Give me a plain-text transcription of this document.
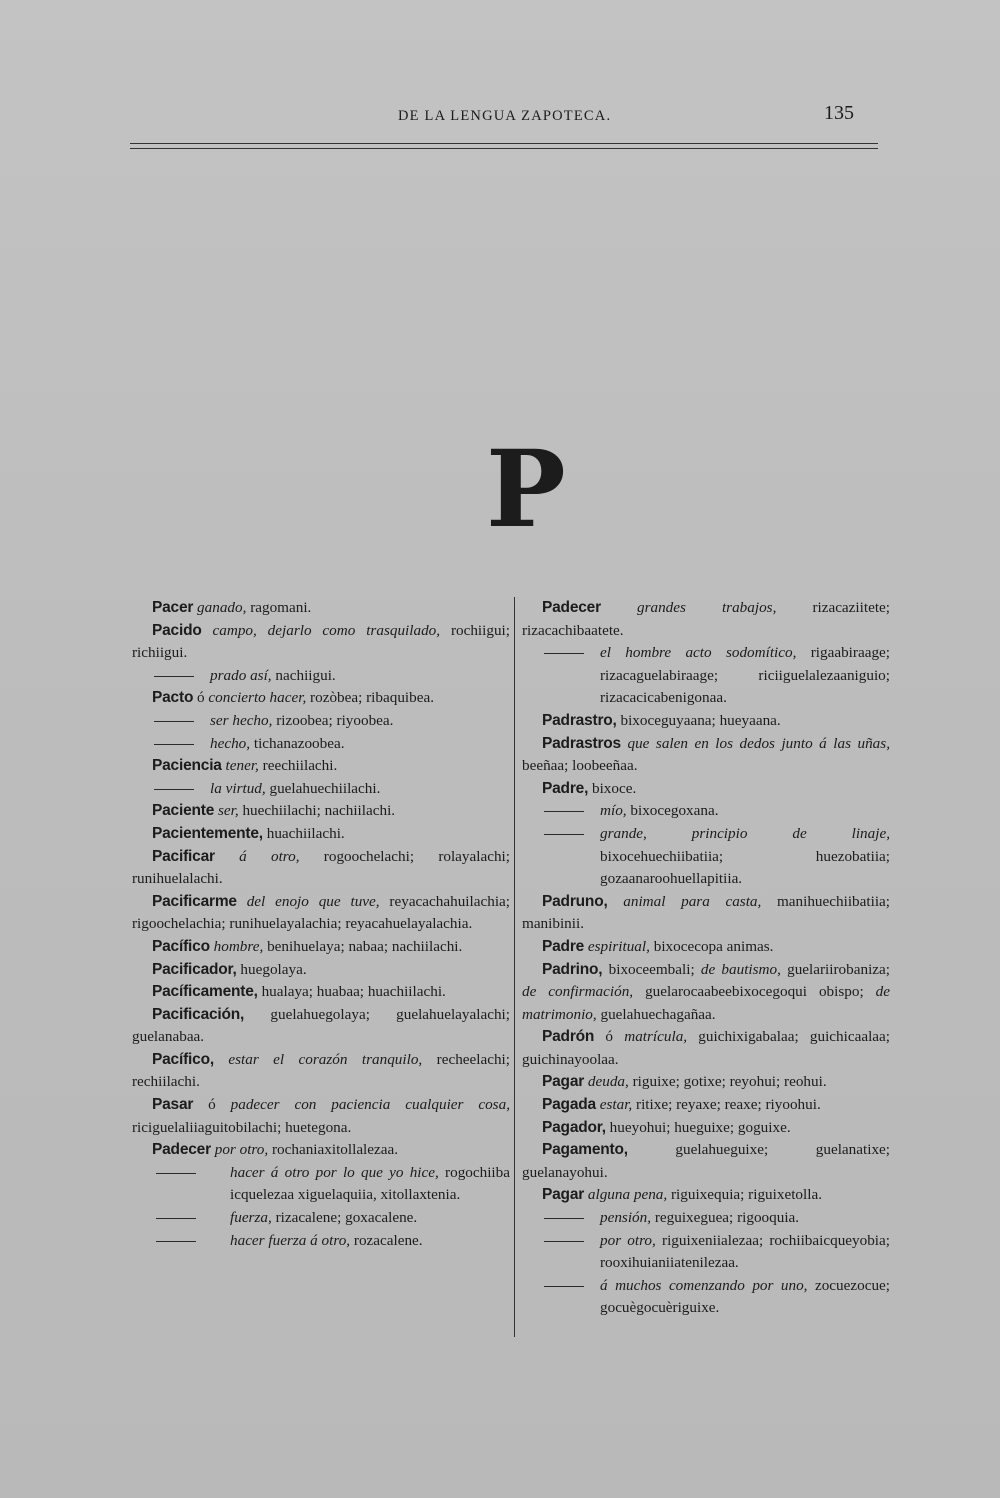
DE LA LENGUA ZAPOTECA.	135
P

Pacer ganado, ragomani.

Pacido campo, dejarlo como trasquilado, rochiigui; richiigui.

prado así, nachiigui.

Pacto ó concierto hacer, rozòbea; ribaquibea.

ser hecho, rizoobea; riyoobea.

hecho, tichanazoobea.

Paciencia tener, reechiilachi.

la virtud, guelahuechiilachi.

Paciente ser, huechiilachi; nachiilachi.

Pacientemente, huachiilachi.

Pacificar á otro, rogoochelachi; rolayalachi; runihuelalachi.

Pacificarme del enojo que tuve, reyacachahuilachia; rigoochelachia; runihuelayalachia; reyacahuelayalachia.

Pacífico hombre, benihuelaya; nabaa; nachiilachi.

Pacificador, huegolaya.

Pacíficamente, hualaya; huabaa; huachiilachi.

Pacificación, guelahuegolaya; guelahuelayalachi; guelanabaa.

Pacífico, estar el corazón tranquilo, recheelachi; rechiilachi.

Pasar ó padecer con paciencia cualquier cosa, riciguelaliiaguitobilachi; huetegona.

Padecer por otro, rochaniaxitollalezaa.

hacer á otro por lo que yo hice, rogochiiba icquelezaa xiguelaquiia, xitollaxtenia.

fuerza, rizacalene; goxacalene.

hacer fuerza á otro, rozacalene.

Padecer grandes trabajos, rizacaziitete; rizacachibaatete.

el hombre acto sodomítico, rigaabiraage; rizacaguelabiraage; riciiguelalezaaniguio; rizacacicabenigonaa.

Padrastro, bixoceguyaana; hueyaana.

Padrastros que salen en los dedos junto á las uñas, beeñaa; loobeeñaa.

Padre, bixoce.

mío, bixocegoxana.

grande, principio de linaje, bixocehuechiibatiia; huezobatiia; gozaanaroohuellapitiia.

Padruno, animal para casta, manihuechiibatiia; manibinii.

Padre espiritual, bixocecopa animas.

Padrino, bixoceembali; de bautismo, guelariirobaniza; de confirmación, guelarocaabeebixocegoqui obispo; de matrimonio, guelahuechagañaa.

Padrón ó matrícula, guichixigabalaa; guichicaalaa; guichinayoolaa.

Pagar deuda, riguixe; gotixe; reyohui; reohui.

Pagada estar, ritixe; reyaxe; reaxe; riyoohui.

Pagador, hueyohui; hueguixe; goguixe.

Pagamento, guelahueguixe; guelanatixe; guelanayohui.

Pagar alguna pena, riguixequia; riguixetolla.

pensión, reguixeguea; rigooquia.

por otro, riguixeniialezaa; rochiibaicqueyobia; rooxihuianiiatenilezaa.

á muchos comenzando por uno, zocuezocue; gocuègocuèriguixe.
